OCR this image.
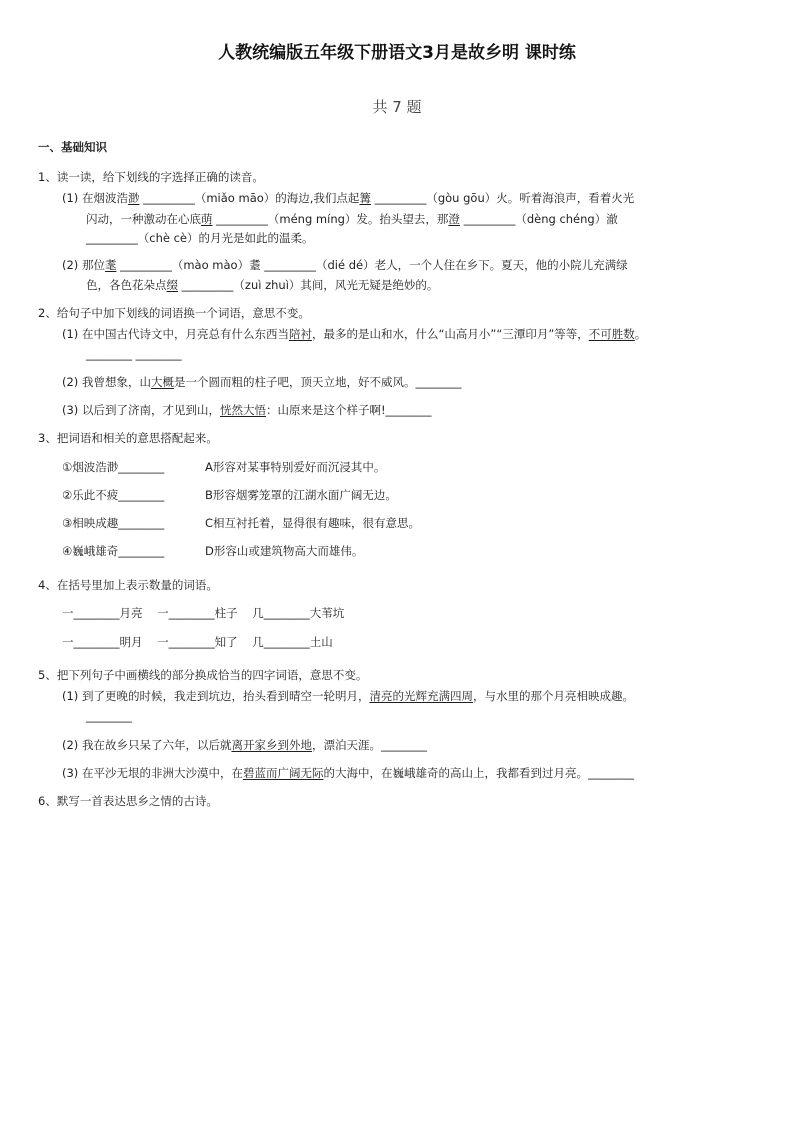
人教统编版五年级下册语文3月是故乡明 课时练
共 7 题
一、基础知识
1、读一读，给下划线的字选择正确的读音。
(1) 在烟波浩渺 _________（miǎo māo）的海边,我们点起篝 _________（gòu gōu）火。听着海浪声，看着火光
闪动，一种激动在心底萌 _________（méng míng）发。抬头望去，那澄 _________（dèng chéng）澈
_________（chè cè）的月光是如此的温柔。
(2) 那位耄 _________（mào mào）耋 _________（dié dé）老人，一个人住在乡下。夏天，他的小院儿充满绿
色，各色花朵点缀 _________（zuì zhuì）其间，风光无疑是绝妙的。
2、给句子中加下划线的词语换一个词语，意思不变。
(1) 在中国古代诗文中，月亮总有什么东西当陪衬，最多的是山和水，什么“山高月小”“三潭印月”等等，不可胜数。
________ ________
(2) 我曾想象，山大概是一个圆而粗的柱子吧，顶天立地，好不威风。________
(3) 以后到了济南，才见到山，恍然大悟：山原来是这个样子啊!________
3、把词语和相关的意思搭配起来。
①烟波浩渺________	A形容对某事特别爱好而沉浸其中。
②乐此不疲________	B形容烟雾笼罩的江湖水面广阔无边。
③相映成趣________	C相互衬托着，显得很有趣味，很有意思。
④巍峨雄奇________	D形容山或建筑物高大而雄伟。
4、在括号里加上表示数量的词语。
一________月亮    一________柱子    几________大苇坑
一________明月    一________知了    几________土山
5、把下列句子中画横线的部分换成恰当的四字词语，意思不变。
(1) 到了更晚的时候，我走到坑边，抬头看到晴空一轮明月，清亮的光辉充满四周，与水里的那个月亮相映成趣。
________
(2) 我在故乡只呆了六年，以后就离开家乡到外地，漂泊天涯。________
(3) 在平沙无垠的非洲大沙漠中，在碧蓝而广阔无际的大海中，在巍峨雄奇的高山上，我都看到过月亮。________
6、默写一首表达思乡之情的古诗。
